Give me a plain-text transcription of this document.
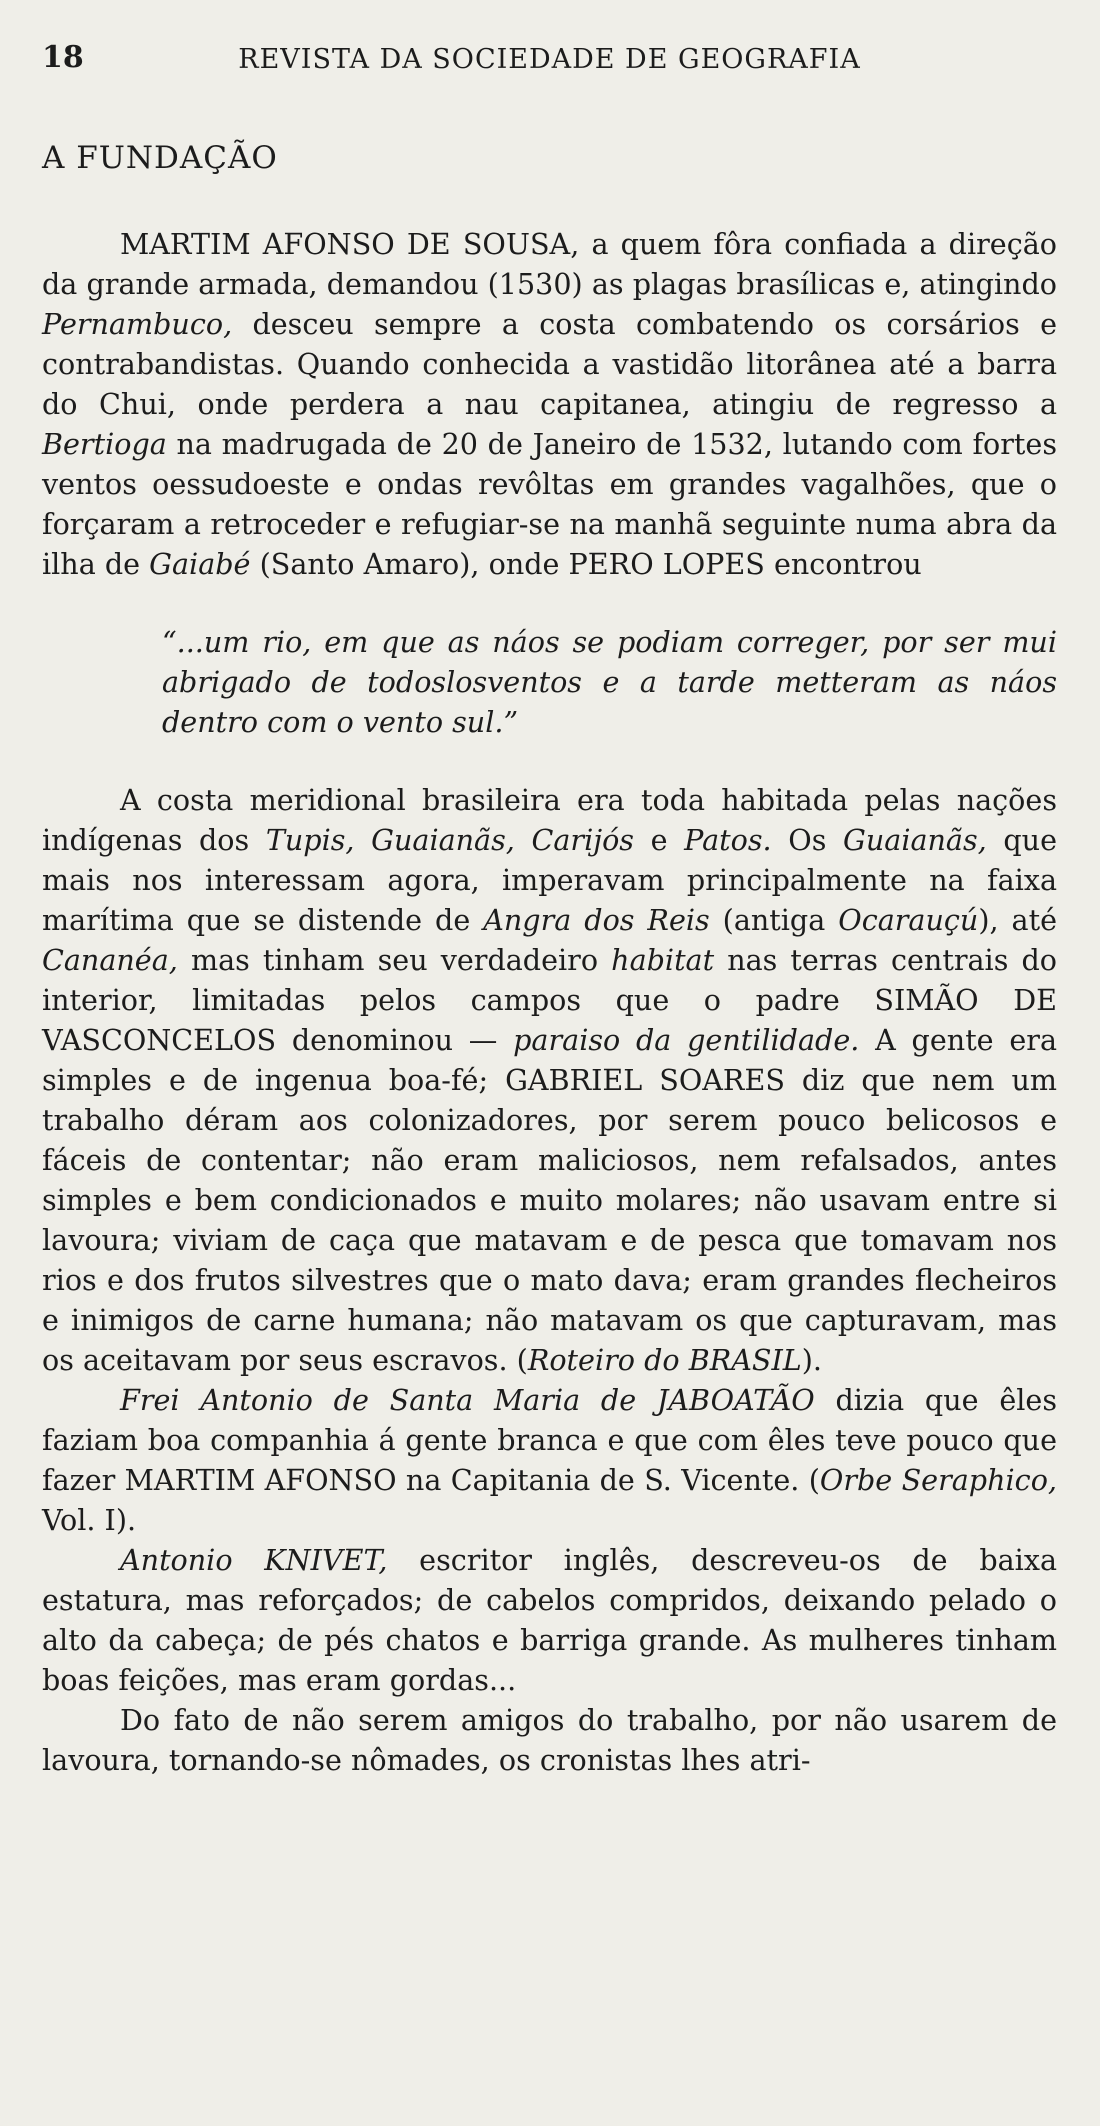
18	REVISTA DA SOCIEDADE DE GEOGRAFIA
A FUNDAÇÃO

MARTIM AFONSO DE SOUSA, a quem fôra confiada a direção da grande armada, demandou (1530) as plagas brasílicas e, atingindo Pernambuco, desceu sempre a costa combatendo os corsários e contrabandistas. Quando conhecida a vastidão litorânea até a barra do Chui, onde perdera a nau capitanea, atingiu de regresso a Bertioga na madrugada de 20 de Janeiro de 1532, lutando com fortes ventos oessudoeste e ondas revôltas em grandes vagalhões, que o forçaram a retroceder e refugiar-se na manhã seguinte numa abra da ilha de Gaiabé (Santo Amaro), onde PERO LOPES encontrou

“...um rio, em que as náos se podiam correger, por ser mui abrigado de todoslosventos e a tarde metteram as náos dentro com o vento sul.”

A costa meridional brasileira era toda habitada pelas nações indígenas dos Tupis, Guaianãs, Carijós e Patos. Os Guaianãs, que mais nos interessam agora, imperavam principalmente na faixa marítima que se distende de Angra dos Reis (antiga Ocarauçú), até Cananéa, mas tinham seu verdadeiro habitat nas terras centrais do interior, limitadas pelos campos que o padre SIMÃO DE VASCONCELOS denominou — paraiso da gentilidade. A gente era simples e de ingenua boa-fé; GABRIEL SOARES diz que nem um trabalho déram aos colonizadores, por serem pouco belicosos e fáceis de contentar; não eram maliciosos, nem refalsados, antes simples e bem condicionados e muito molares; não usavam entre si lavoura; viviam de caça que matavam e de pesca que tomavam nos rios e dos frutos silvestres que o mato dava; eram grandes flecheiros e inimigos de carne humana; não matavam os que capturavam, mas os aceitavam por seus escravos. (Roteiro do BRASIL).

Frei Antonio de Santa Maria de JABOATÃO dizia que êles faziam boa companhia á gente branca e que com êles teve pouco que fazer MARTIM AFONSO na Capitania de S. Vicente. (Orbe Seraphico, Vol. I).

Antonio KNIVET, escritor inglês, descreveu-os de baixa estatura, mas reforçados; de cabelos compridos, deixando pelado o alto da cabeça; de pés chatos e barriga grande. As mulheres tinham boas feições, mas eram gordas...

Do fato de não serem amigos do trabalho, por não usarem de lavoura, tornando-se nômades, os cronistas lhes atri-
